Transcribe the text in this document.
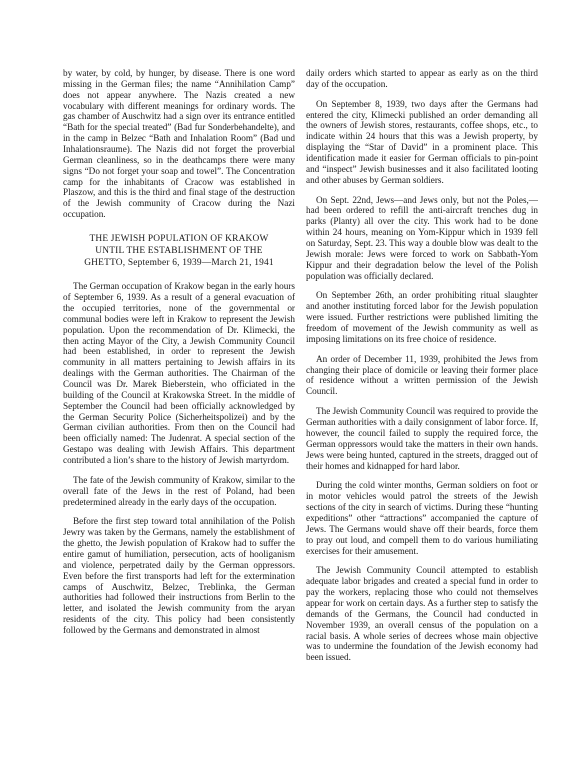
by water, by cold, by hunger, by disease. There is one word missing in the German files; the name “Annihilation Camp” does not appear anywhere. The Nazis created a new vocabulary with different meanings for ordinary words. The gas chamber of Auschwitz had a sign over its entrance entitled “Bath for the special treated” (Bad fur Sonderbehandelte), and in the camp in Belzec “Bath and Inhalation Room” (Bad und Inhalationsraume). The Nazis did not forget the proverbial German cleanliness, so in the deathcamps there were many signs “Do not forget your soap and towel”. The Concentration camp for the inhabitants of Cracow was established in Plaszow, and this is the third and final stage of the destruction of the Jewish community of Cracow during the Nazi occupation.

THE JEWISH POPULATION OF KRAKOW
UNTIL THE ESTABLISHMENT OF THE
GHETTO, September 6, 1939—March 21, 1941

The German occupation of Krakow began in the early hours of September 6, 1939. As a result of a general evacuation of the occupied territories, none of the governmental or communal bodies were left in Krakow to represent the Jewish population. Upon the recommendation of Dr. Klimecki, the then acting Mayor of the City, a Jewish Community Council had been established, in order to represent the Jewish community in all matters pertaining to Jewish affairs in its dealings with the German authorities. The Chairman of the Council was Dr. Marek Bieberstein, who officiated in the building of the Council at Krakowska Street. In the middle of September the Council had been officially acknowledged by the German Security Police (Sicherheitspolizei) and by the German civilian authorities. From then on the Council had been officially named: The Judenrat. A special section of the Gestapo was dealing with Jewish Affairs. This department contributed a lion’s share to the history of Jewish martyrdom.

The fate of the Jewish community of Krakow, similar to the overall fate of the Jews in the rest of Poland, had been predetermined already in the early days of the occupation.

Before the first step toward total annihilation of the Polish Jewry was taken by the Germans, namely the establishment of the ghetto, the Jewish population of Krakow had to suffer the entire gamut of humiliation, persecution, acts of hooliganism and violence, perpetrated daily by the German oppressors. Even before the first transports had left for the extermination camps of Auschwitz, Belzec, Treblinka, the German authorities had followed their instructions from Berlin to the letter, and isolated the Jewish community from the aryan residents of the city. This policy had been consistently followed by the Germans and demonstrated in almost

daily orders which started to appear as early as on the third day of the occupation.

On September 8, 1939, two days after the Germans had entered the city, Klimecki published an order demanding all the owners of Jewish stores, restaurants, coffee shops, etc., to indicate within 24 hours that this was a Jewish property, by displaying the “Star of David” in a prominent place. This identification made it easier for German officials to pin-point and “inspect” Jewish businesses and it also facilitated looting and other abuses by German soldiers.

On Sept. 22nd, Jews—and Jews only, but not the Poles,—had been ordered to refill the anti-aircraft trenches dug in parks (Planty) all over the city. This work had to be done within 24 hours, meaning on Yom-Kippur which in 1939 fell on Saturday, Sept. 23. This way a double blow was dealt to the Jewish morale: Jews were forced to work on Sabbath-Yom Kippur and their degradation below the level of the Polish population was officially declared.

On September 26th, an order prohibiting ritual slaughter and another instituting forced labor for the Jewish population were issued. Further restrictions were published limiting the freedom of movement of the Jewish community as well as imposing limitations on its free choice of residence.

An order of December 11, 1939, prohibited the Jews from changing their place of domicile or leaving their former place of residence without a written permission of the Jewish Council.

The Jewish Community Council was required to provide the German authorities with a daily consignment of labor force. If, however, the council failed to supply the required force, the German oppressors would take the matters in their own hands. Jews were being hunted, captured in the streets, dragged out of their homes and kidnapped for hard labor.

During the cold winter months, German soldiers on foot or in motor vehicles would patrol the streets of the Jewish sections of the city in search of victims. During these “hunting expeditions” other “attractions” accompanied the capture of Jews. The Germans would shave off their beards, force them to pray out loud, and compell them to do various humiliating exercises for their amusement.

The Jewish Community Council attempted to establish adequate labor brigades and created a special fund in order to pay the workers, replacing those who could not themselves appear for work on certain days. As a further step to satisfy the demands of the Germans, the Council had conducted in November 1939, an overall census of the population on a racial basis. A whole series of decrees whose main objective was to undermine the foundation of the Jewish economy had been issued.
